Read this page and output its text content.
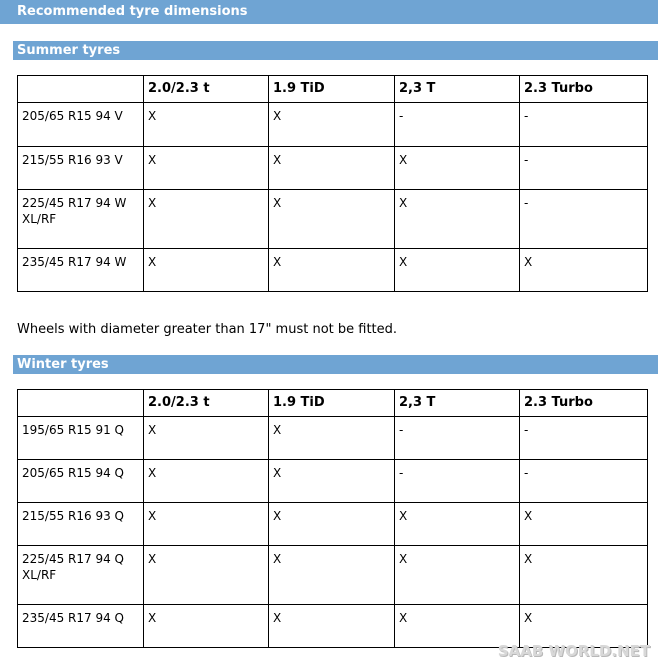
Recommended tyre dimensions
Summer tyres
	2.0/2.3 t	1.9 TiD	2,3 T	2.3 Turbo
205/65 R15 94 V	X	X	-	-
215/55 R16 93 V	X	X	X	-
225/45 R17 94 W XL/RF	X	X	X	-
235/45 R17 94 W	X	X	X	X
Wheels with diameter greater than 17" must not be fitted.
Winter tyres
	2.0/2.3 t	1.9 TiD	2,3 T	2.3 Turbo
195/65 R15 91 Q	X	X	-	-
205/65 R15 94 Q	X	X	-	-
215/55 R16 93 Q	X	X	X	X
225/45 R17 94 Q XL/RF	X	X	X	X
235/45 R17 94 Q	X	X	X	X
SAAB WORLD.NET
